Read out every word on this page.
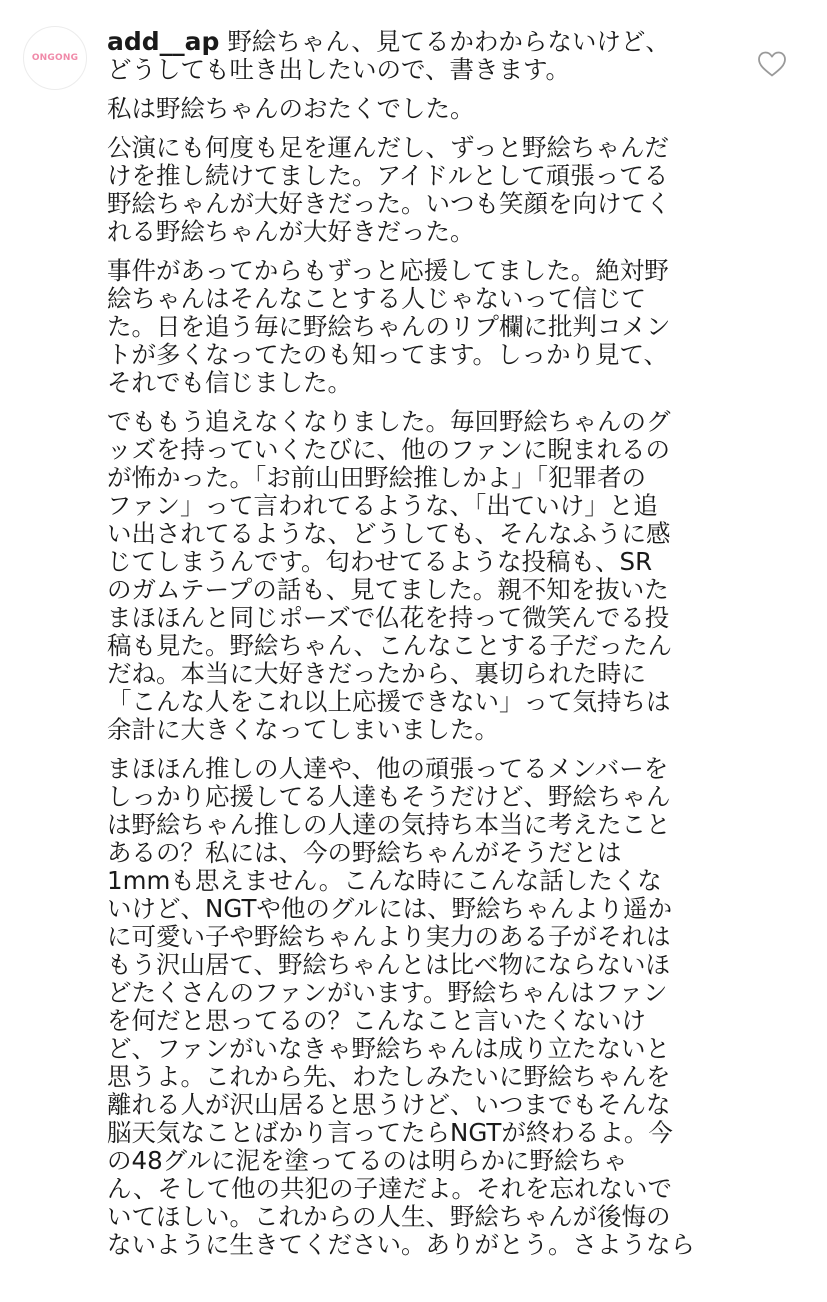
ONGONG
add__ap 野絵ちゃん、見てるかわからないけど、
どうしても吐き出したいので、書きます。
私は野絵ちゃんのおたくでした。
公演にも何度も足を運んだし、ずっと野絵ちゃんだ
けを推し続けてました。アイドルとして頑張ってる
野絵ちゃんが大好きだった。いつも笑顔を向けてく
れる野絵ちゃんが大好きだった。
事件があってからもずっと応援してました。絶対野
絵ちゃんはそんなことする人じゃないって信じて
た。日を追う毎に野絵ちゃんのリプ欄に批判コメン
トが多くなってたのも知ってます。しっかり見て、
それでも信じました。
でももう追えなくなりました。毎回野絵ちゃんのグ
ッズを持っていくたびに、他のファンに睨まれるの
が怖かった。「お前山田野絵推しかよ」「犯罪者の
ファン」って言われてるような、「出ていけ」と追
い出されてるような、どうしても、そんなふうに感
じてしまうんです。匂わせてるような投稿も、SR
のガムテープの話も、見てました。親不知を抜いた
まほほんと同じポーズで仏花を持って微笑んでる投
稿も見た。野絵ちゃん、こんなことする子だったん
だね。本当に大好きだったから、裏切られた時に
「こんな人をこれ以上応援できない」って気持ちは
余計に大きくなってしまいました。
まほほん推しの人達や、他の頑張ってるメンバーを
しっかり応援してる人達もそうだけど、野絵ちゃん
は野絵ちゃん推しの人達の気持ち本当に考えたこと
あるの？私には、今の野絵ちゃんがそうだとは
1mmも思えません。こんな時にこんな話したくな
いけど、NGTや他のグルには、野絵ちゃんより遥か
に可愛い子や野絵ちゃんより実力のある子がそれは
もう沢山居て、野絵ちゃんとは比べ物にならないほ
どたくさんのファンがいます。野絵ちゃんはファン
を何だと思ってるの？こんなこと言いたくないけ
ど、ファンがいなきゃ野絵ちゃんは成り立たないと
思うよ。これから先、わたしみたいに野絵ちゃんを
離れる人が沢山居ると思うけど、いつまでもそんな
脳天気なことばかり言ってたらNGTが終わるよ。今
の48グルに泥を塗ってるのは明らかに野絵ちゃ
ん、そして他の共犯の子達だよ。それを忘れないで
いてほしい。これからの人生、野絵ちゃんが後悔の
ないように生きてください。ありがとう。さようなら
